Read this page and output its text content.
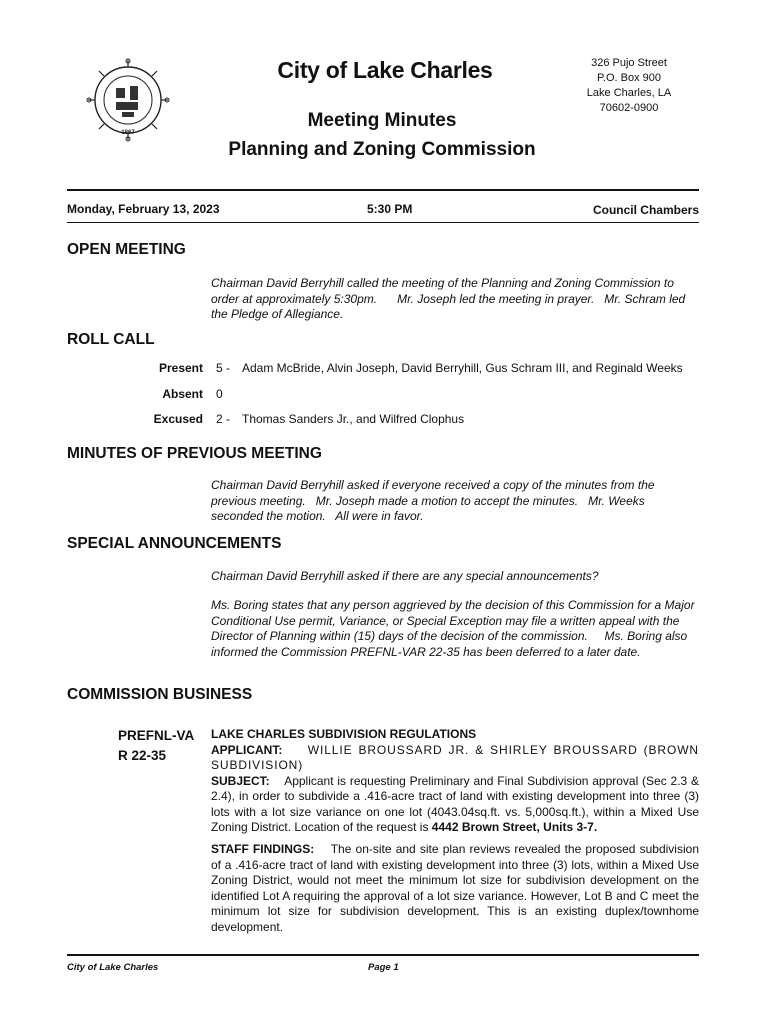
1867
City of Lake Charles	326 Pujo Street
P.O. Box 900
Lake Charles, LA
70602-0900
Meeting Minutes
Planning and Zoning Commission
Monday, February 13, 2023	5:30 PM	Council Chambers
OPEN MEETING
Chairman David Berryhill called the meeting of the Planning and Zoning Commission to
order at approximately 5:30pm.      Mr. Joseph led the meeting in prayer.   Mr. Schram led
the Pledge of Allegiance.
ROLL CALL
Present 5 - Adam McBride, Alvin Joseph, David Berryhill, Gus Schram III, and Reginald Weeks
Absent 0
Excused 2 - Thomas Sanders Jr., and Wilfred Clophus
MINUTES OF PREVIOUS MEETING
Chairman David Berryhill asked if everyone received a copy of the minutes from the
previous meeting.   Mr. Joseph made a motion to accept the minutes.   Mr. Weeks
seconded the motion.   All were in favor.
SPECIAL ANNOUNCEMENTS
Chairman David Berryhill asked if there are any special announcements?
Ms. Boring states that any person aggrieved by the decision of this Commission for a Major
Conditional Use permit, Variance, or Special Exception may file a written appeal with the
Director of Planning within (15) days of the decision of the commission.     Ms. Boring also
informed the Commission PREFNL-VAR 22-35 has been deferred to a later date.
COMMISSION BUSINESS
PREFNL-VA
R 22-35
LAKE CHARLES SUBDIVISION REGULATIONS
APPLICANT: WILLIE BROUSSARD JR. & SHIRLEY BROUSSARD (BROWN SUBDIVISION)
SUBJECT: Applicant is requesting Preliminary and Final Subdivision approval (Sec 2.3 & 2.4), in order to subdivide a .416-acre tract of land with existing development into three (3) lots with a lot size variance on one lot (4043.04sq.ft. vs. 5,000sq.ft.), within a Mixed Use Zoning District. Location of the request is 4442 Brown Street, Units 3-7.
STAFF FINDINGS: The on-site and site plan reviews revealed the proposed subdivision of a .416-acre tract of land with existing development into three (3) lots, within a Mixed Use Zoning District, would not meet the minimum lot size for subdivision development on the identified Lot A requiring the approval of a lot size variance. However, Lot B and C meet the minimum lot size for subdivision development. This is an existing duplex/townhome development.
City of Lake Charles	Page 1
